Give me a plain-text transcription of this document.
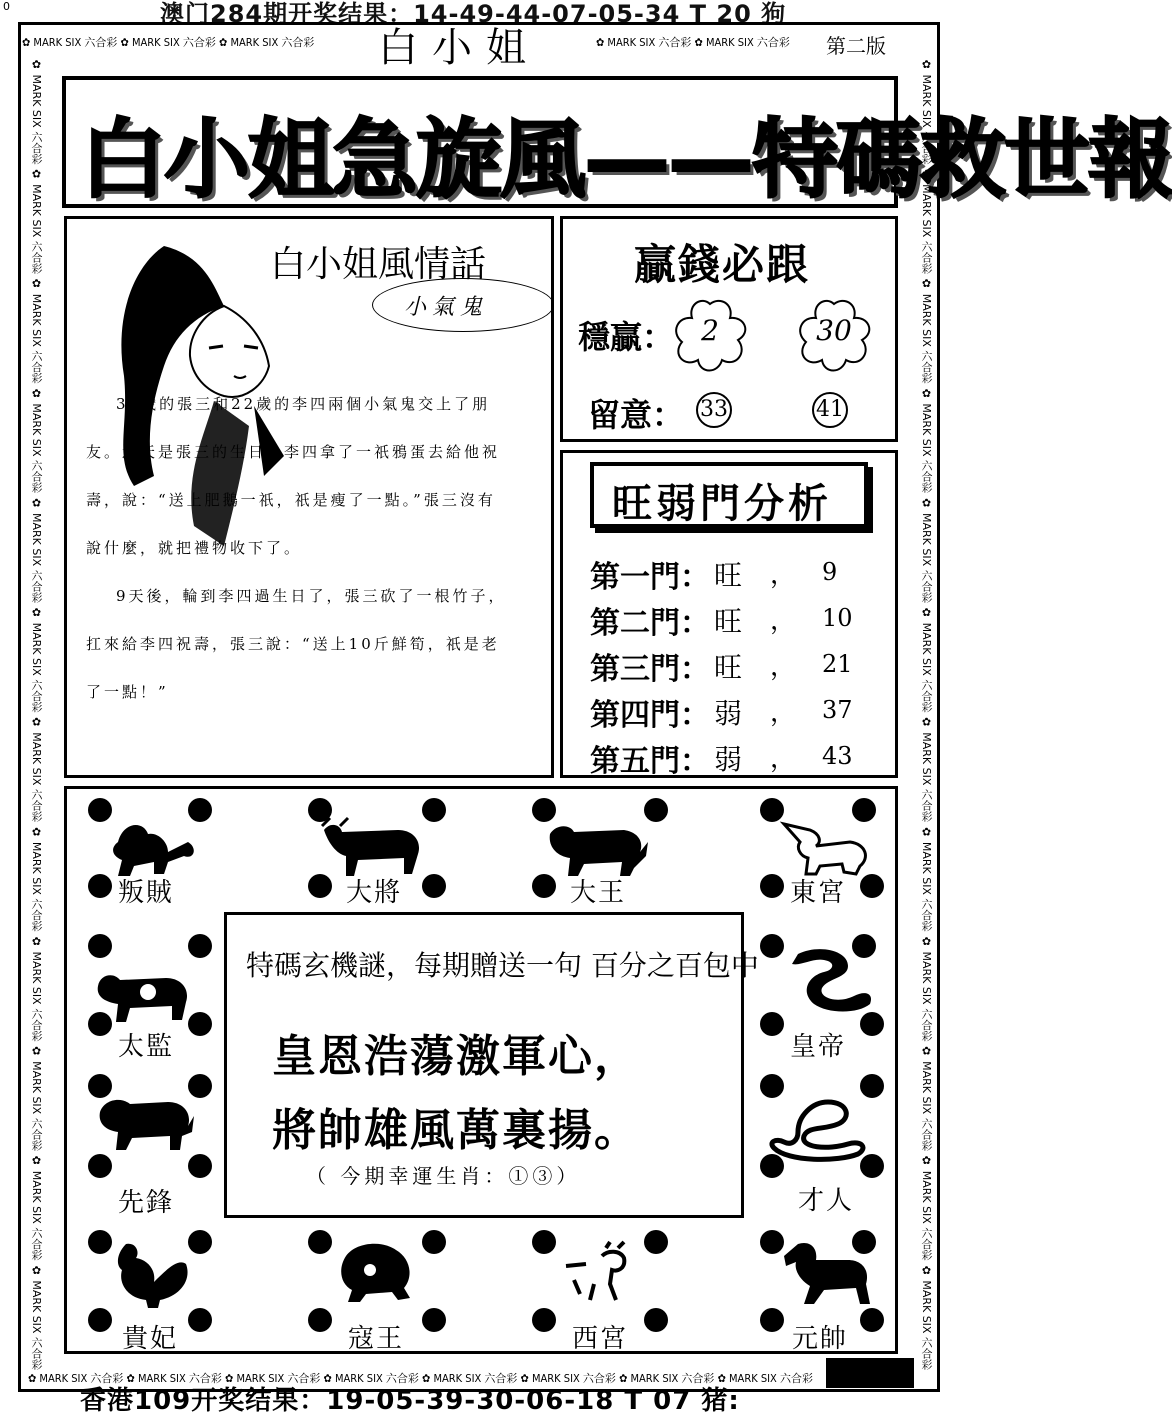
0	澳门284期开奖结果：14-49-44-07-05-34 T 20 狗
✿ MARK SIX 六合彩 ✿ MARK SIX 六合彩 ✿ MARK SIX 六合彩	✿ MARK SIX 六合彩 ✿ MARK SIX 六合彩
✿ MARK SIX 六合彩 ✿ MARK SIX 六合彩 ✿ MARK SIX 六合彩 ✿ MARK SIX 六合彩 ✿ MARK SIX 六合彩 ✿ MARK SIX 六合彩 ✿ MARK SIX 六合彩 ✿ MARK SIX 六合彩
✿ MARK SIX 六合彩 ✿ MARK SIX 六合彩 ✿ MARK SIX 六合彩 ✿ MARK SIX 六合彩 ✿ MARK SIX 六合彩 ✿ MARK SIX 六合彩 ✿ MARK SIX 六合彩 ✿ MARK SIX 六合彩 ✿ MARK SIX 六合彩 ✿ MARK SIX 六合彩 ✿ MARK SIX 六合彩 ✿ MARK SIX 六合彩	✿ MARK SIX 六合彩 ✿ MARK SIX 六合彩 ✿ MARK SIX 六合彩 ✿ MARK SIX 六合彩 ✿ MARK SIX 六合彩 ✿ MARK SIX 六合彩 ✿ MARK SIX 六合彩 ✿ MARK SIX 六合彩 ✿ MARK SIX 六合彩 ✿ MARK SIX 六合彩 ✿ MARK SIX 六合彩 ✿ MARK SIX 六合彩
白小姐	第二版
白小姐急旋風——特碼救世報
白小姐風情話
小氣鬼

33歲的張三和22歲的李四兩個小氣鬼交上了朋友。這天是張三的生日，李四拿了一祇鴉蛋去給他祝壽，說：“送上肥鵝一祇，祇是瘦了一點。”張三沒有說什麼，就把禮物收下了。

9天後，輪到李四過生日了，張三砍了一根竹子，扛來給李四祝壽，張三說：“送上10斤鮮筍，祇是老了一點！”

贏錢必跟
穩贏： 2	30
留意： 33	41
旺弱門分析
第一門： 旺 ， 9
第二門： 旺 ， 10
第三門： 旺 ， 21
第四門： 弱 ， 37
第五門： 弱 ， 43
叛賊	大將	大王	東宮
太監	皇帝
先鋒	才人
貴妃	寇王	西宮	元帥
特碼玄機謎，每期贈送一句 百分之百包中
皇恩浩蕩激軍心，
將帥雄風萬裏揚。
（ 今期幸運生肖：①③）
香港109开奖结果：19-05-39-30-06-18 T 07 猪:
